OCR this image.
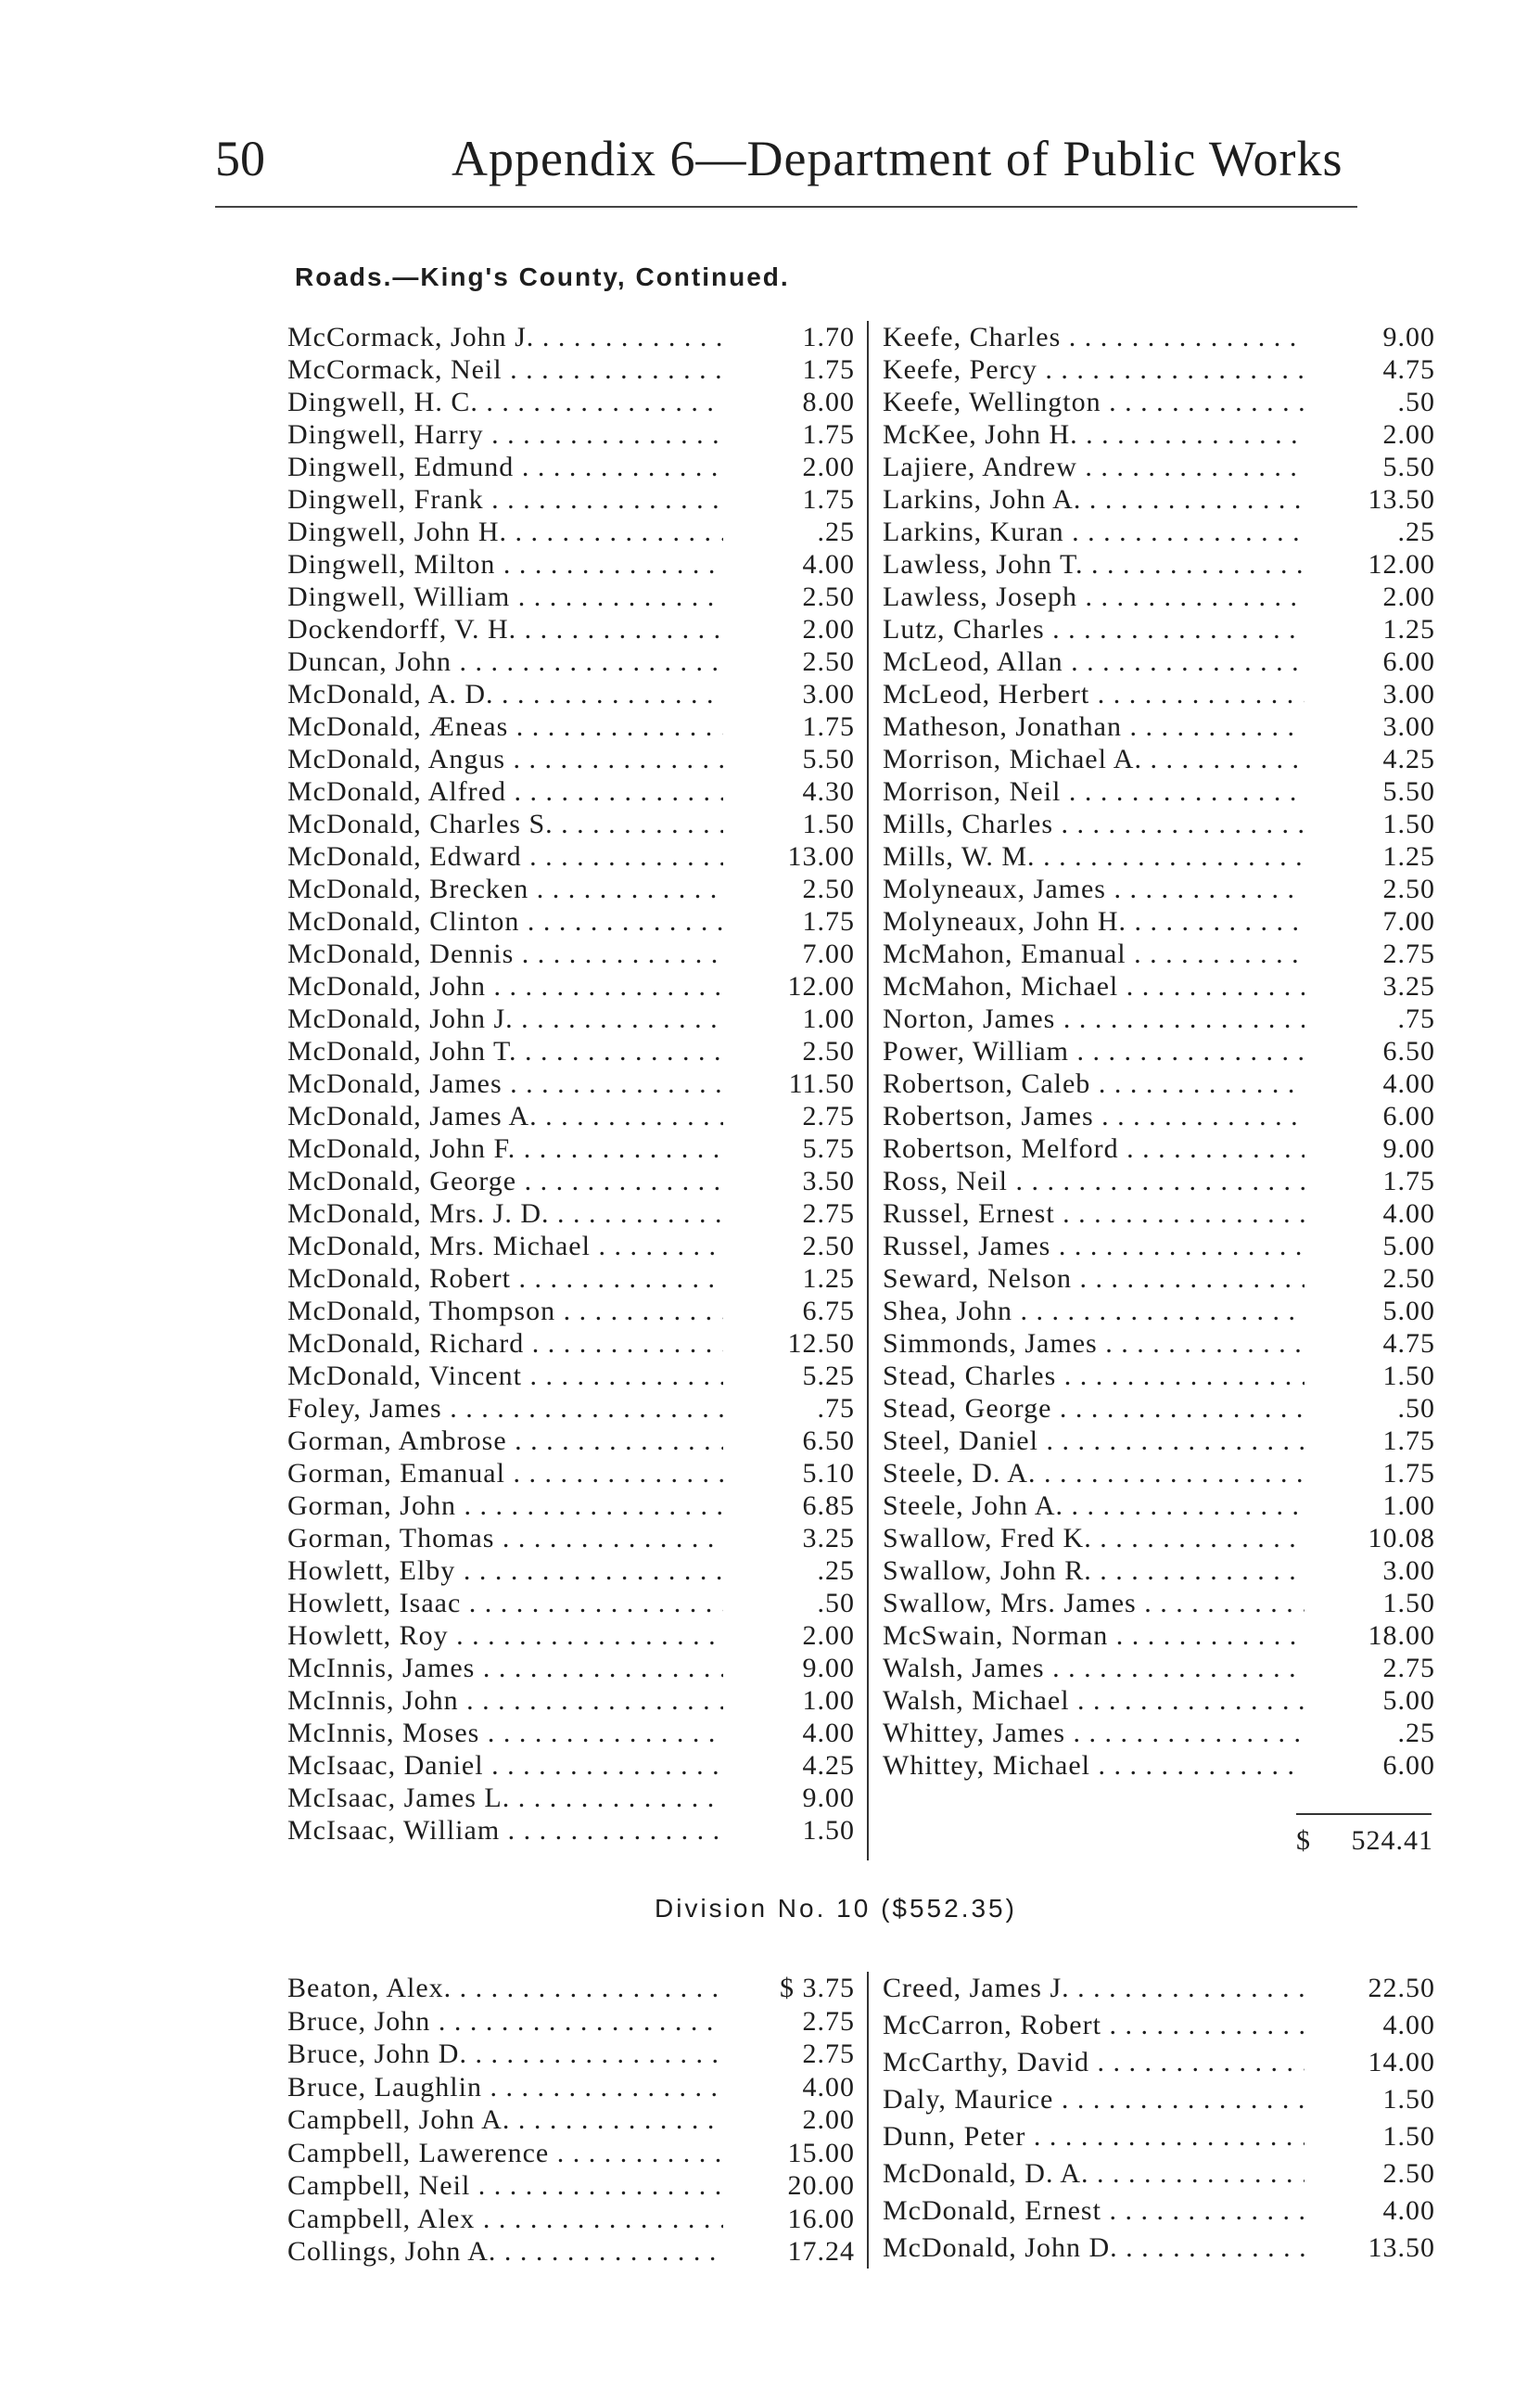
50	Appendix 6—Department of Public Works
Roads.—King's County, Continued.
McCormack, John J. . . .	1.70
McCormack, Neil . . .	1.75
Dingwell, H. C. . . .	8.00
Dingwell, Harry . . .	1.75
Dingwell, Edmund . . .	2.00
Dingwell, Frank . . .	1.75
Dingwell, John H. . . .	.25
Dingwell, Milton . . .	4.00
Dingwell, William . . .	2.50
Dockendorff, V. H. . . .	2.00
Duncan, John . . .	2.50
McDonald, A. D. . . .	3.00
McDonald, Æneas . . .	1.75
McDonald, Angus . . .	5.50
McDonald, Alfred . . .	4.30
McDonald, Charles S. . . .	1.50
McDonald, Edward . . .	13.00
McDonald, Brecken . . .	2.50
McDonald, Clinton . . .	1.75
McDonald, Dennis . . .	7.00
McDonald, John . . .	12.00
McDonald, John J. . . .	1.00
McDonald, John T. . . .	2.50
McDonald, James . . .	11.50
McDonald, James A. . . .	2.75
McDonald, John F. . . .	5.75
McDonald, George . . .	3.50
McDonald, Mrs. J. D. . . .	2.75
McDonald, Mrs. Michael . . .	2.50
McDonald, Robert . . .	1.25
McDonald, Thompson . . .	6.75
McDonald, Richard . . .	12.50
McDonald, Vincent . . .	5.25
Foley, James . . .	.75
Gorman, Ambrose . . .	6.50
Gorman, Emanual . . .	5.10
Gorman, John . . .	6.85
Gorman, Thomas . . .	3.25
Howlett, Elby . . .	.25
Howlett, Isaac . . .	.50
Howlett, Roy . . .	2.00
McInnis, James . . .	9.00
McInnis, John . . .	1.00
McInnis, Moses . . .	4.00
McIsaac, Daniel . . .	4.25
McIsaac, James L. . . .	9.00
McIsaac, William . . .	1.50
Keefe, Charles . . .	9.00
Keefe, Percy . . .	4.75
Keefe, Wellington . . .	.50
McKee, John H. . . .	2.00
Lajiere, Andrew . . .	5.50
Larkins, John A. . . .	13.50
Larkins, Kuran . . .	.25
Lawless, John T. . . .	12.00
Lawless, Joseph . . .	2.00
Lutz, Charles . . .	1.25
McLeod, Allan . . .	6.00
McLeod, Herbert . . .	3.00
Matheson, Jonathan . . .	3.00
Morrison, Michael A. . . .	4.25
Morrison, Neil . . .	5.50
Mills, Charles . . .	1.50
Mills, W. M. . . .	1.25
Molyneaux, James . . .	2.50
Molyneaux, John H. . . .	7.00
McMahon, Emanual . . .	2.75
McMahon, Michael . . .	3.25
Norton, James . . .	.75
Power, William . . .	6.50
Robertson, Caleb . . .	4.00
Robertson, James . . .	6.00
Robertson, Melford . . .	9.00
Ross, Neil . . .	1.75
Russel, Ernest . . .	4.00
Russel, James . . .	5.00
Seward, Nelson . . .	2.50
Shea, John . . .	5.00
Simmonds, James . . .	4.75
Stead, Charles . . .	1.50
Stead, George . . .	.50
Steel, Daniel . . .	1.75
Steele, D. A. . . .	1.75
Steele, John A. . . .	1.00
Swallow, Fred K. . . .	10.08
Swallow, John R. . . .	3.00
Swallow, Mrs. James . . .	1.50
McSwain, Norman . . .	18.00
Walsh, James . . .	2.75
Walsh, Michael . . .	5.00
Whittey, James . . .	.25
Whittey, Michael . . .	6.00
$ 524.41
Division No. 10 ($552.35)
Beaton, Alex. . . .	$ 3.75
Bruce, John . . .	2.75
Bruce, John D. . . .	2.75
Bruce, Laughlin . . .	4.00
Campbell, John A. . . .	2.00
Campbell, Lawerence . . .	15.00
Campbell, Neil . . .	20.00
Campbell, Alex . . .	16.00
Collings, John A. . . .	17.24
Creed, James J. . . .	22.50
McCarron, Robert . . .	4.00
McCarthy, David . . .	14.00
Daly, Maurice . . .	1.50
Dunn, Peter . . .	1.50
McDonald, D. A. . . .	2.50
McDonald, Ernest . . .	4.00
McDonald, John D. . . .	13.50
